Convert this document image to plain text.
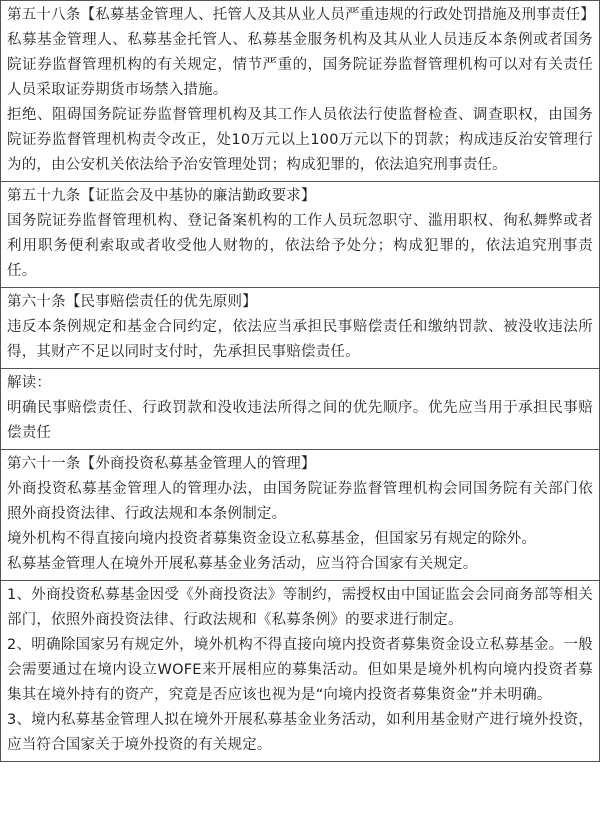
第五十八条【私募基金管理人、托管人及其从业人员严重违规的行政处罚措施及刑事责任】

私募基金管理人、私募基金托管人、私募基金服务机构及其从业人员违反本条例或者国务院证券监督管理机构的有关规定，情节严重的，国务院证券监督管理机构可以对有关责任人员采取证券期货市场禁入措施。

拒绝、阻碍国务院证券监督管理机构及其工作人员依法行使监督检查、调查职权，由国务院证券监督管理机构责令改正，处10万元以上100万元以下的罚款；构成违反治安管理行为的，由公安机关依法给予治安管理处罚；构成犯罪的，依法追究刑事责任。

第五十九条【证监会及中基协的廉洁勤政要求】

国务院证券监督管理机构、登记备案机构的工作人员玩忽职守、滥用职权、徇私舞弊或者利用职务便利索取或者收受他人财物的，依法给予处分；构成犯罪的，依法追究刑事责任。

第六十条【民事赔偿责任的优先原则】

违反本条例规定和基金合同约定，依法应当承担民事赔偿责任和缴纳罚款、被没收违法所得，其财产不足以同时支付时，先承担民事赔偿责任。

解读：

明确民事赔偿责任、行政罚款和没收违法所得之间的优先顺序。优先应当用于承担民事赔偿责任

第六十一条【外商投资私募基金管理人的管理】

外商投资私募基金管理人的管理办法，由国务院证券监督管理机构会同国务院有关部门依照外商投资法律、行政法规和本条例制定。

境外机构不得直接向境内投资者募集资金设立私募基金，但国家另有规定的除外。

私募基金管理人在境外开展私募基金业务活动，应当符合国家有关规定。

1、外商投资私募基金因受《外商投资法》等制约，需授权由中国证监会会同商务部等相关部门，依照外商投资法律、行政法规和《私募条例》的要求进行制定。

2、明确除国家另有规定外，境外机构不得直接向境内投资者募集资金设立私募基金。一般会需要通过在境内设立WOFE来开展相应的募集活动。但如果是境外机构向境内投资者募集其在境外持有的资产，究竟是否应该也视为是“向境内投资者募集资金”并未明确。

3、境内私募基金管理人拟在境外开展私募基金业务活动，如利用基金财产进行境外投资，应当符合国家关于境外投资的有关规定。
